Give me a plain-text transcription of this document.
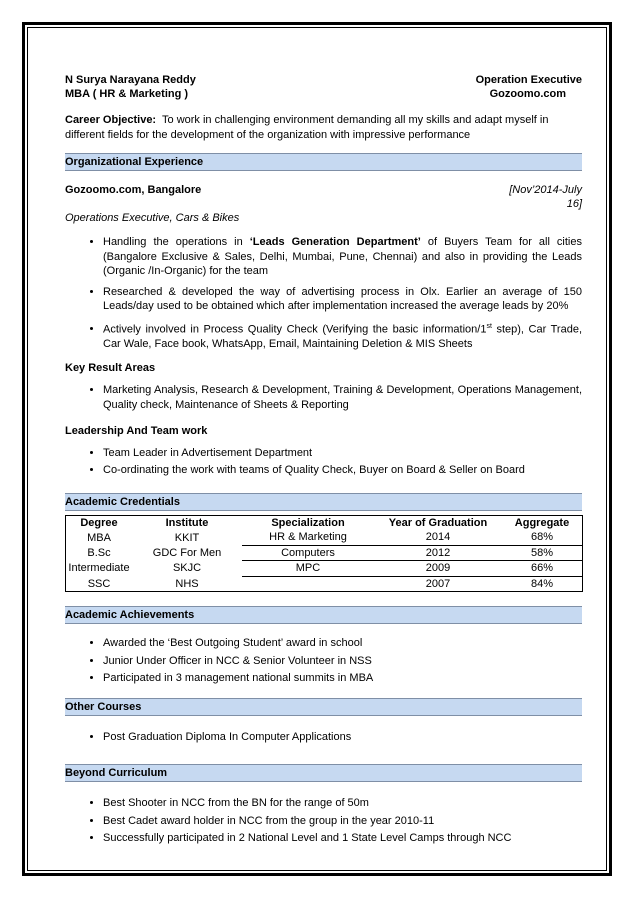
N Surya Narayana Reddy	Operation Executive
MBA ( HR & Marketing )	Gozoomo.com
Career Objective: To work in challenging environment demanding all my skills and adapt myself in different fields for the development of the organization with impressive performance
Organizational Experience
Gozoomo.com, Bangalore	[Nov’2014-July 16]
Operations Executive, Cars & Bikes
• Handling the operations in ‘Leads Generation Department’ of Buyers Team for all cities (Bangalore Exclusive & Sales, Delhi, Mumbai, Pune, Chennai) and also in providing the Leads (Organic /In-Organic) for the team
• Researched & developed the way of advertising process in Olx. Earlier an average of 150 Leads/day used to be obtained which after implementation increased the average leads by 20%
• Actively involved in Process Quality Check (Verifying the basic information/1st step), Car Trade, Car Wale, Face book, WhatsApp, Email, Maintaining Deletion & MIS Sheets
Key Result Areas
• Marketing Analysis, Research & Development, Training & Development, Operations Management, Quality check, Maintenance of Sheets & Reporting
Leadership And Team work
• Team Leader in Advertisement Department
• Co-ordinating the work with teams of Quality Check, Buyer on Board & Seller on Board
Academic Credentials
Degree	Institute	Specialization	Year of Graduation	Aggregate
MBA	KKIT	HR & Marketing	2014	68%
B.Sc	GDC For Men	Computers	2012	58%
Intermediate	SKJC	MPC	2009	66%
SSC	NHS		2007	84%
Academic Achievements
• Awarded the ‘Best Outgoing Student’ award in school
• Junior Under Officer in NCC & Senior Volunteer in NSS
• Participated in 3 management national summits in MBA
Other Courses
• Post Graduation Diploma In Computer Applications
Beyond Curriculum
• Best Shooter in NCC from the BN for the range of 50m
• Best Cadet award holder in NCC from the group in the year 2010-11
• Successfully participated in 2 National Level and 1 State Level Camps through NCC
